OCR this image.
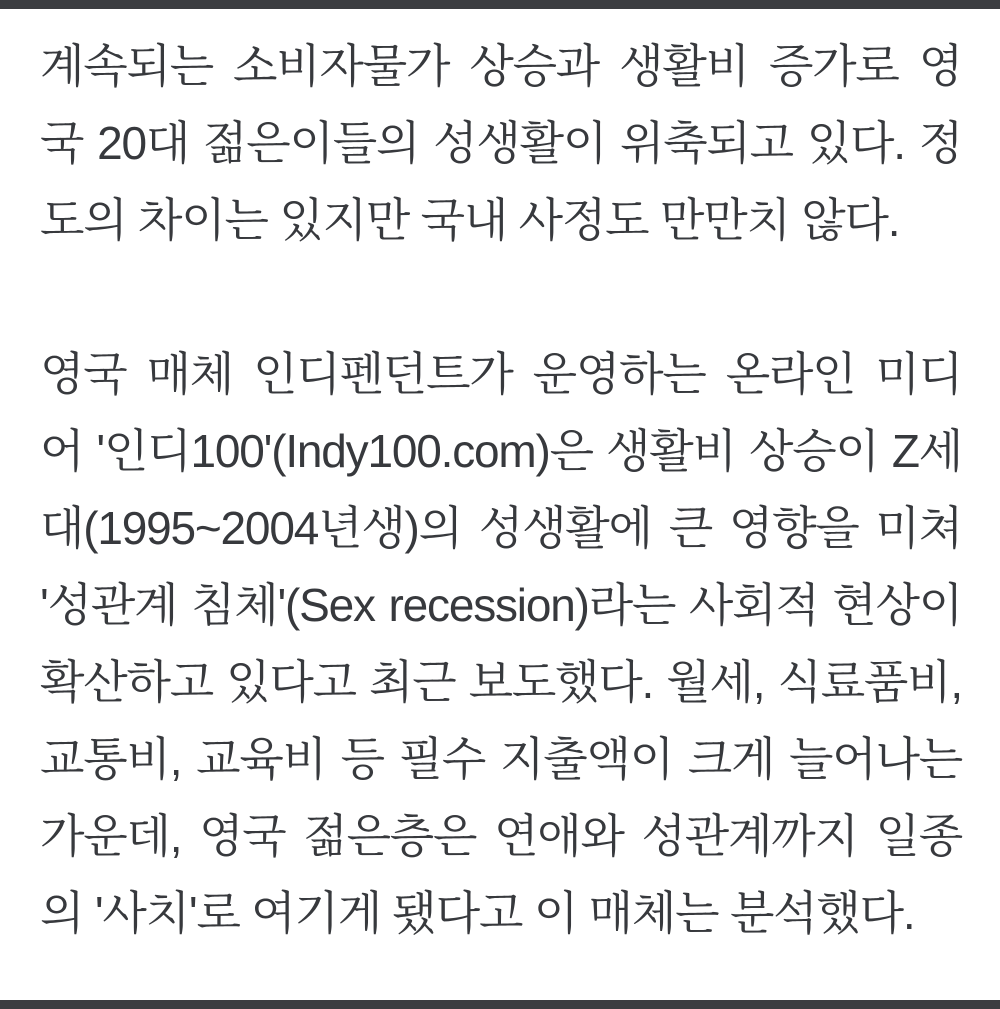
계속되는 소비자물가 상승과 생활비 증가로 영국 20대 젊은이들의 성생활이 위축되고 있다. 정도의 차이는 있지만 국내 사정도 만만치 않다.

영국 매체 인디펜던트가 운영하는 온라인 미디어 '인디100'(Indy100.com)은 생활비 상승이 Z세대(1995~2004년생)의 성생활에 큰 영향을 미쳐 '성관계 침체'(Sex recession)라는 사회적 현상이 확산하고 있다고 최근 보도했다. 월세, 식료품비, 교통비, 교육비 등 필수 지출액이 크게 늘어나는 가운데, 영국 젊은층은 연애와 성관계까지 일종의 '사치'로 여기게 됐다고 이 매체는 분석했다.
